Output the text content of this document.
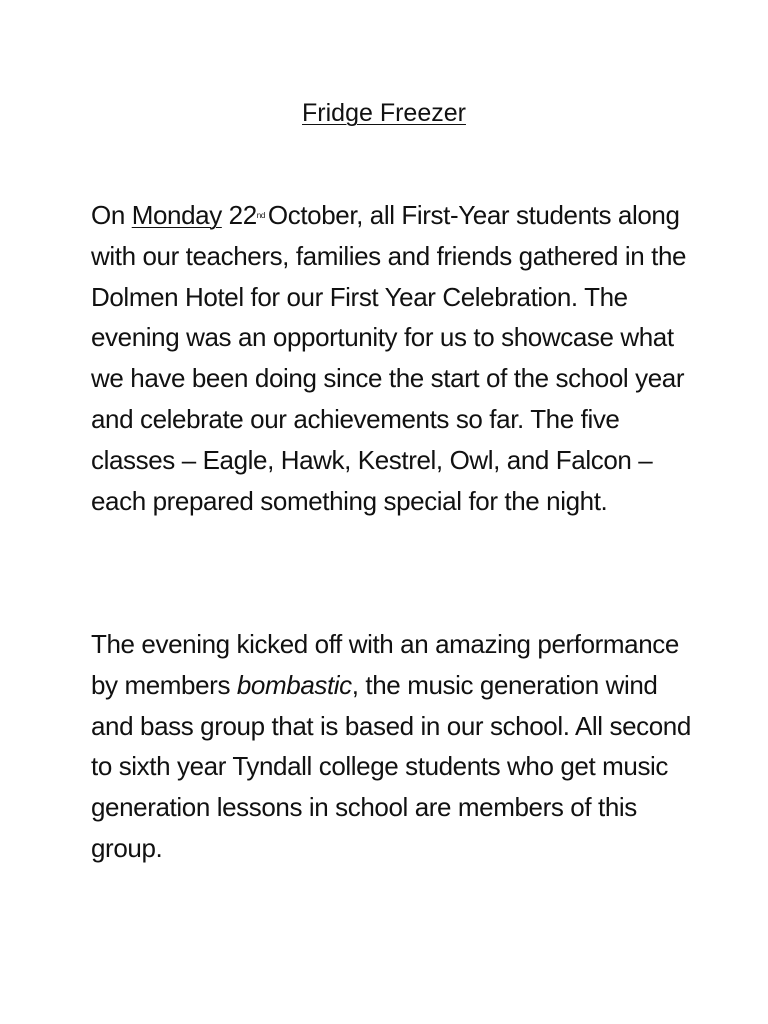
Fridge Freezer

On Monday 22nd October, all First-Year students along with our teachers, families and friends gathered in the Dolmen Hotel for our First Year Celebration. The evening was an opportunity for us to showcase what we have been doing since the start of the school year and celebrate our achievements so far. The five classes – Eagle, Hawk, Kestrel, Owl, and Falcon – each prepared something special for the night.

The evening kicked off with an amazing performance by members bombastic, the music generation wind and bass group that is based in our school. All second to sixth year Tyndall college students who get music generation lessons in school are members of this group.
